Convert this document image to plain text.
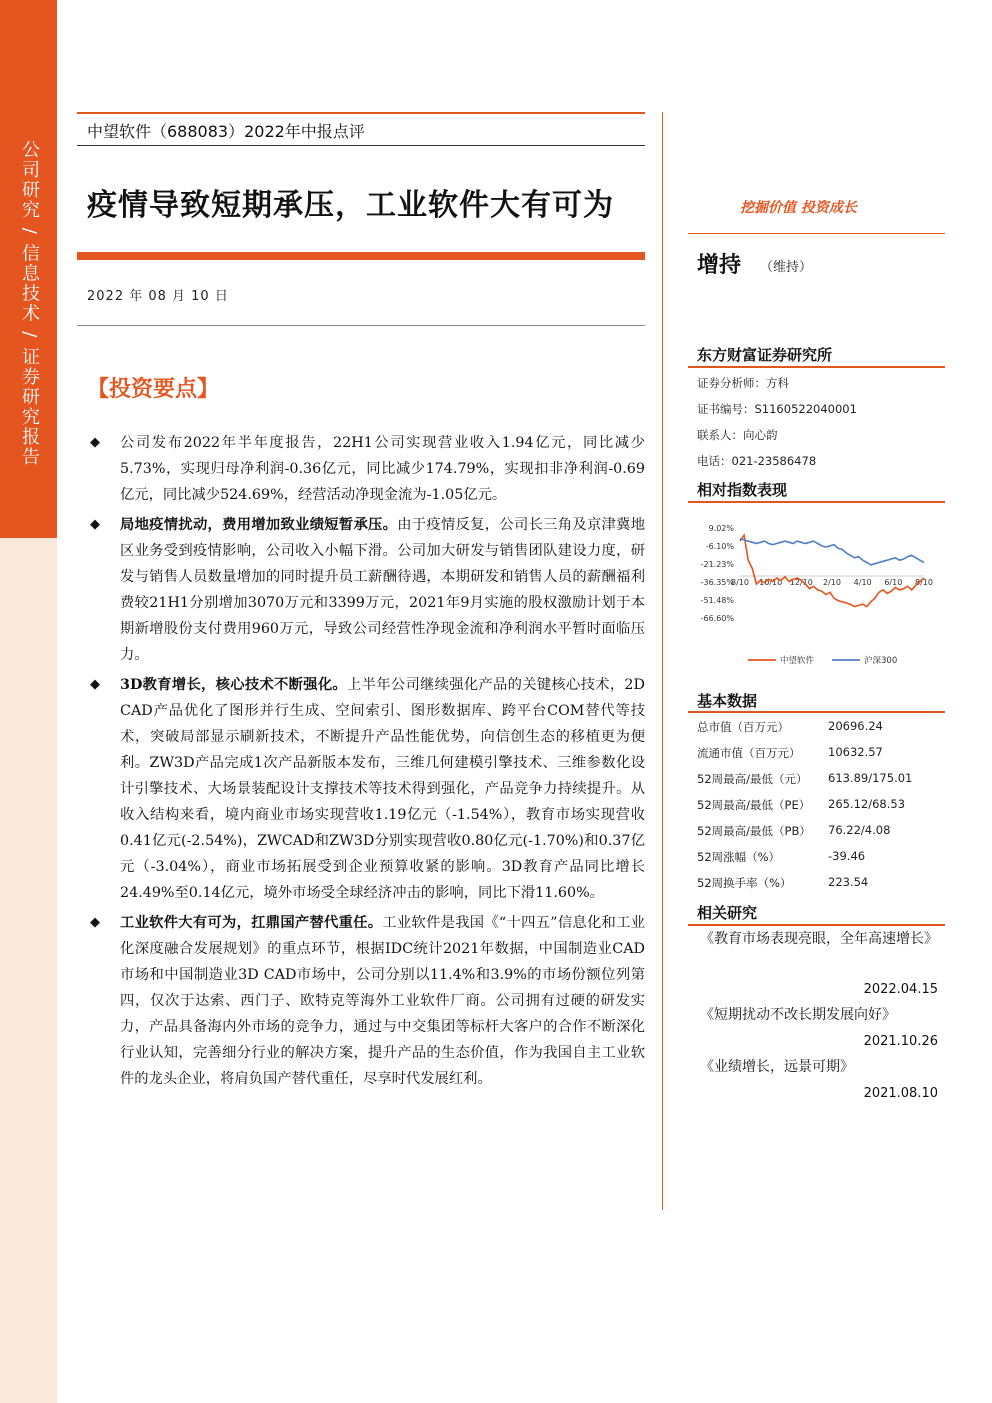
公司研究 / 信息技术 / 证券研究报告
中望软件（688083）2022年中报点评
疫情导致短期承压，工业软件大有可为
2022 年 08 月 10 日
【投资要点】
◆ 公司发布2022年半年度报告，22H1公司实现营业收入1.94亿元，同比减少5.73%，实现归母净利润-0.36亿元，同比减少174.79%，实现扣非净利润-0.69亿元，同比减少524.69%，经营活动净现金流为-1.05亿元。
◆ 局地疫情扰动，费用增加致业绩短暂承压。由于疫情反复，公司长三角及京津冀地区业务受到疫情影响，公司收入小幅下滑。公司加大研发与销售团队建设力度，研发与销售人员数量增加的同时提升员工薪酬待遇，本期研发和销售人员的薪酬福利费较21H1分别增加3070万元和3399万元，2021年9月实施的股权激励计划于本期新增股份支付费用960万元，导致公司经营性净现金流和净利润水平暂时面临压力。
◆ 3D教育增长，核心技术不断强化。上半年公司继续强化产品的关键核心技术，2D CAD产品优化了图形并行生成、空间索引、图形数据库、跨平台COM替代等技术，突破局部显示刷新技术，不断提升产品性能优势，向信创生态的移植更为便利。ZW3D产品完成1次产品新版本发布，三维几何建模引擎技术、三维参数化设计引擎技术、大场景装配设计支撑技术等技术得到强化，产品竞争力持续提升。从收入结构来看，境内商业市场实现营收1.19亿元（-1.54%），教育市场实现营收0.41亿元(-2.54%)，ZWCAD和ZW3D分别实现营收0.80亿元(-1.70%)和0.37亿元（-3.04%），商业市场拓展受到企业预算收紧的影响。3D教育产品同比增长24.49%至0.14亿元，境外市场受全球经济冲击的影响，同比下滑11.60%。
◆ 工业软件大有可为，扛鼎国产替代重任。工业软件是我国《“十四五”信息化和工业化深度融合发展规划》的重点环节，根据IDC统计2021年数据，中国制造业CAD市场和中国制造业3D CAD市场中，公司分别以11.4%和3.9%的市场份额位列第四，仅次于达索、西门子、欧特克等海外工业软件厂商。公司拥有过硬的研发实力，产品具备海内外市场的竞争力，通过与中交集团等标杆大客户的合作不断深化行业认知，完善细分行业的解决方案，提升产品的生态价值，作为我国自主工业软件的龙头企业，将肩负国产替代重任，尽享时代发展红利。
挖掘价值 投资成长
增持 （维持）
东方财富证券研究所
证券分析师：方科
证书编号：S1160522040001
联系人：向心韵
电话：021-23586478
相对指数表现
9.02%
-6.10%
-21.23%
-36.35%
-51.48%
-66.60%
8/10 10/10 12/10 2/10 4/10 6/10 8/10
中望软件	沪深300
基本数据
总市值（百万元）	20696.24
流通市值（百万元） 10632.57
52周最高/最低（元） 613.89/175.01
52周最高/最低（PE） 265.12/68.53
52周最高/最低（PB） 76.22/4.08
52周涨幅（%）	-39.46
52周换手率（%）	223.54
相关研究
《教育市场表现亮眼，全年高速增长》
2022.04.15
《短期扰动不改长期发展向好》
2021.10.26
《业绩增长，远景可期》
2021.08.10
